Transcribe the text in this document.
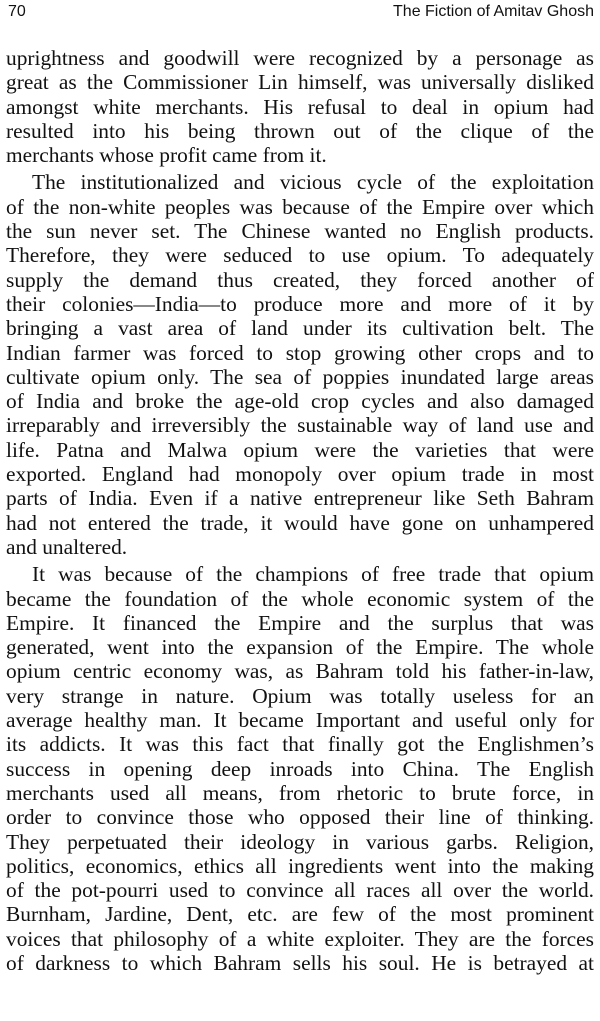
70	The Fiction of Amitav Ghosh
uprightness and goodwill were recognized by a personage as
great as the Commissioner Lin himself, was universally disliked
amongst white merchants. His refusal to deal in opium had
resulted into his being thrown out of the clique of the
merchants whose profit came from it.
The institutionalized and vicious cycle of the exploitation
of the non-white peoples was because of the Empire over which
the sun never set. The Chinese wanted no English products.
Therefore, they were seduced to use opium. To adequately
supply the demand thus created, they forced another of
their colonies—India—to produce more and more of it by
bringing a vast area of land under its cultivation belt. The
Indian farmer was forced to stop growing other crops and to
cultivate opium only. The sea of poppies inundated large areas
of India and broke the age-old crop cycles and also damaged
irreparably and irreversibly the sustainable way of land use and
life. Patna and Malwa opium were the varieties that were
exported. England had monopoly over opium trade in most
parts of India. Even if a native entrepreneur like Seth Bahram
had not entered the trade, it would have gone on unhampered
and unaltered.
It was because of the champions of free trade that opium
became the foundation of the whole economic system of the
Empire. It financed the Empire and the surplus that was
generated, went into the expansion of the Empire. The whole
opium centric economy was, as Bahram told his father-in-law,
very strange in nature. Opium was totally useless for an
average healthy man. It became Important and useful only for
its addicts. It was this fact that finally got the Englishmen’s
success in opening deep inroads into China. The English
merchants used all means, from rhetoric to brute force, in
order to convince those who opposed their line of thinking.
They perpetuated their ideology in various garbs. Religion,
politics, economics, ethics all ingredients went into the making
of the pot-pourri used to convince all races all over the world.
Burnham, Jardine, Dent, etc. are few of the most prominent
voices that philosophy of a white exploiter. They are the forces
of darkness to which Bahram sells his soul. He is betrayed at
